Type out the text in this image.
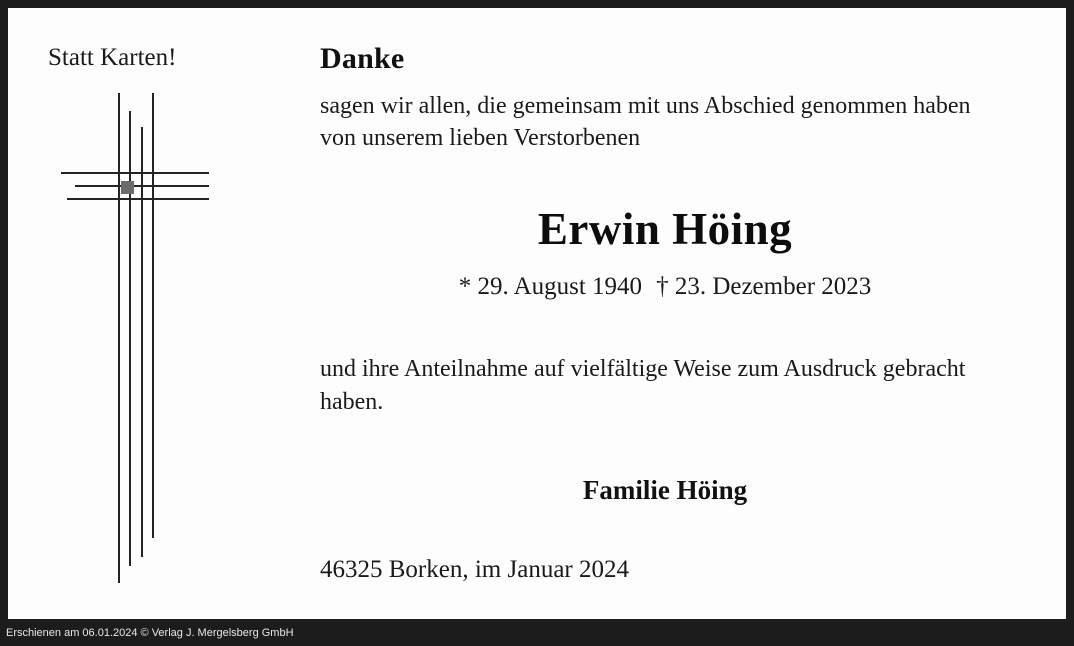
Statt Karten!	Danke
sagen wir allen, die gemeinsam mit uns Abschied genommen haben von unserem lieben Verstorbenen
Erwin Höing
* 29. August 1940 † 23. Dezember 2023
und ihre Anteilnahme auf vielfältige Weise zum Ausdruck gebracht haben.
Familie Höing
46325 Borken, im Januar 2024
Erschienen am 06.01.2024 © Verlag J. Mergelsberg GmbH
